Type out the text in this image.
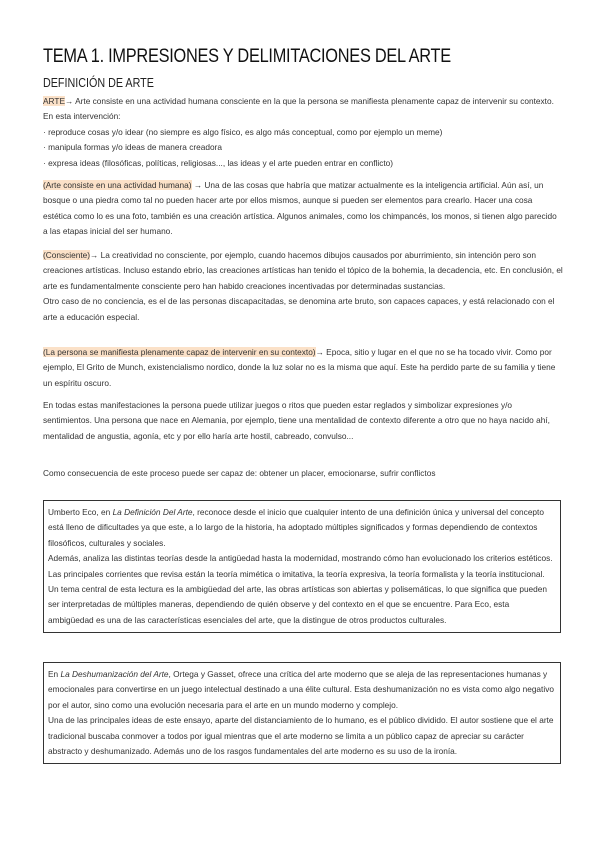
TEMA 1. IMPRESIONES Y DELIMITACIONES DEL ARTE
DEFINICIÓN DE ARTE

ARTE→ Arte consiste en una actividad humana consciente en la que la persona se manifiesta plenamente capaz de intervenir su contexto. En esta intervención:

· reproduce cosas y/o idear (no siempre es algo físico, es algo más conceptual, como por ejemplo un meme)

· manipula formas y/o ideas de manera creadora

· expresa ideas (filosóficas, políticas, religiosas..., las ideas y el arte pueden entrar en conflicto)

(Arte consiste en una actividad humana) → Una de las cosas que habría que matizar actualmente es la inteligencia artificial. Aún así, un bosque o una piedra como tal no pueden hacer arte por ellos mismos, aunque si pueden ser elementos para crearlo. Hacer una cosa estética como lo es una foto, también es una creación artística. Algunos animales, como los chimpancés, los monos, si tienen algo parecido a las etapas inicial del ser humano.

(Consciente)→ La creatividad no consciente, por ejemplo, cuando hacemos dibujos causados por aburrimiento, sin intención pero son creaciones artísticas. Incluso estando ebrio, las creaciones artísticas han tenido el tópico de la bohemia, la decadencia, etc. En conclusión, el arte es fundamentalmente consciente pero han habido creaciones incentivadas por determinadas sustancias.

Otro caso de no conciencia, es el de las personas discapacitadas, se denomina arte bruto, son capaces capaces, y está relacionado con el arte a educación especial.

(La persona se manifiesta plenamente capaz de intervenir en su contexto)→ Epoca, sitio y lugar en el que no se ha tocado vivir. Como por ejemplo, El Grito de Munch, existencialismo nordico, donde la luz solar no es la misma que aquí. Este ha perdido parte de su familia y tiene un espíritu oscuro.

En todas estas manifestaciones la persona puede utilizar juegos o ritos que pueden estar reglados y simbolizar expresiones y/o sentimientos. Una persona que nace en Alemania, por ejemplo, tiene una mentalidad de contexto diferente a otro que no haya nacido ahí, mentalidad de angustia, agonía, etc y por ello haría arte hostil, cabreado, convulso...

Como consecuencia de este proceso puede ser capaz de: obtener un placer, emocionarse, sufrir conflictos

Umberto Eco, en La Definición Del Arte, reconoce desde el inicio que cualquier intento de una definición única y universal del concepto está lleno de dificultades ya que este, a lo largo de la historia, ha adoptado múltiples significados y formas dependiendo de contextos filosóficos, culturales y sociales.

Además, analiza las distintas teorías desde la antigüedad hasta la modernidad, mostrando cómo han evolucionado los criterios estéticos. Las principales corrientes que revisa están la teoría mimética o imitativa, la teoría expresiva, la teoría formalista y la teoría institucional.

Un tema central de esta lectura es la ambigüedad del arte, las obras artísticas son abiertas y polisemáticas, lo que significa que pueden ser interpretadas de múltiples maneras, dependiendo de quién observe y del contexto en el que se encuentre. Para Eco, esta ambigüedad es una de las características esenciales del arte, que la distingue de otros productos culturales.

En La Deshumanización del Arte, Ortega y Gasset, ofrece una crítica del arte moderno que se aleja de las representaciones humanas y emocionales para convertirse en un juego intelectual destinado a una élite cultural. Esta deshumanización no es vista como algo negativo por el autor, sino como una evolución necesaria para el arte en un mundo moderno y complejo.

Una de las principales ideas de este ensayo, aparte del distanciamiento de lo humano, es el público dividido. El autor sostiene que el arte tradicional buscaba conmover a todos por igual mientras que el arte moderno se limita a un público capaz de apreciar su carácter abstracto y deshumanizado. Además uno de los rasgos fundamentales del arte moderno es su uso de la ironía.
